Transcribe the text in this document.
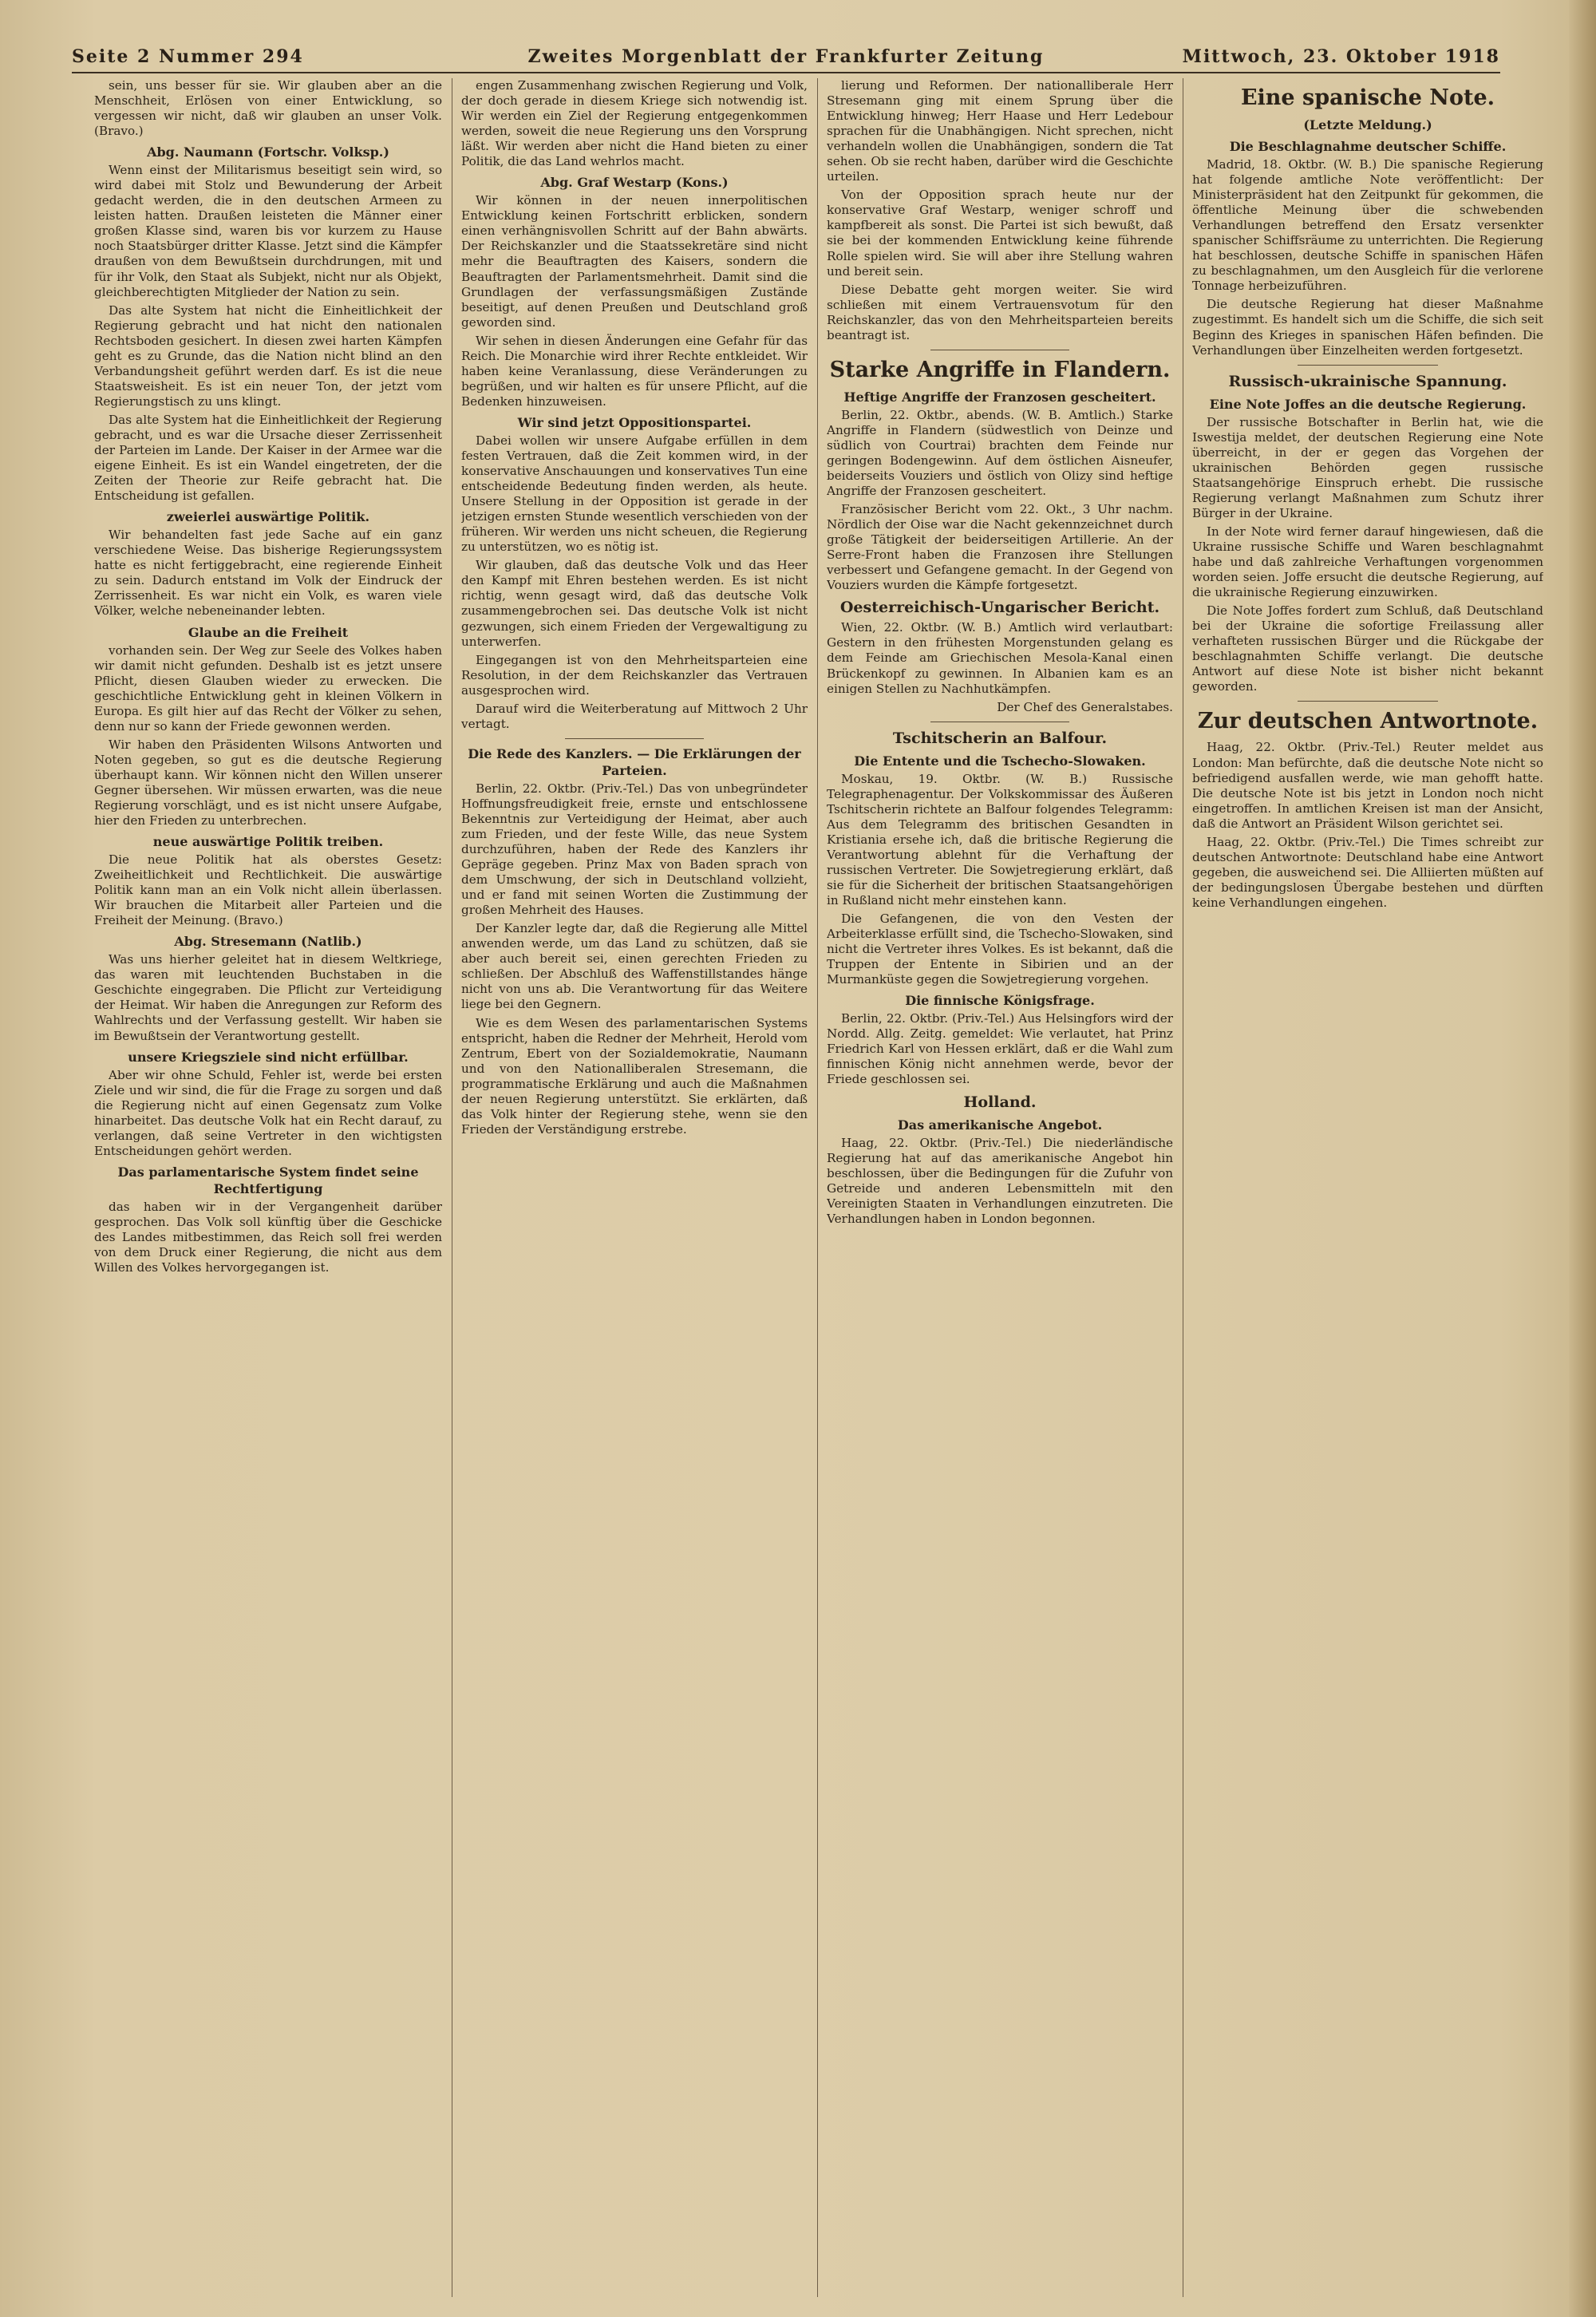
Seite 2 Nummer 294	Zweites Morgenblatt der Frankfurter Zeitung	Mittwoch, 23. Oktober 1918

sein, uns besser für sie. Wir glauben aber an die Menschheit, Erlösen von einer Entwicklung, so vergessen wir nicht, daß wir glauben an unser Volk. (Bravo.)

Abg. Naumann (Fortschr. Volksp.)

Wenn einst der Militarismus beseitigt sein wird, so wird dabei mit Stolz und Bewunderung der Arbeit gedacht werden, die in den deutschen Armeen zu leisten hatten. Draußen leisteten die Männer einer großen Klasse sind, waren bis vor kurzem zu Hause noch Staatsbürger dritter Klasse. Jetzt sind die Kämpfer draußen von dem Bewußtsein durchdrungen, mit und für ihr Volk, den Staat als Subjekt, nicht nur als Objekt, gleichberechtigten Mitglieder der Nation zu sein.

Das alte System hat nicht die Einheitlichkeit der Regierung gebracht und hat nicht den nationalen Rechtsboden gesichert. In diesen zwei harten Kämpfen geht es zu Grunde, das die Nation nicht blind an den Verbandungsheit geführt werden darf. Es ist die neue Staatsweisheit. Es ist ein neuer Ton, der jetzt vom Regierungstisch zu uns klingt.

Das alte System hat die Einheitlichkeit der Regierung gebracht, und es war die Ursache dieser Zerrissenheit der Parteien im Lande. Der Kaiser in der Armee war die eigene Einheit. Es ist ein Wandel eingetreten, der die Zeiten der Theorie zur Reife gebracht hat. Die Entscheidung ist gefallen.

zweierlei auswärtige Politik.

Wir behandelten fast jede Sache auf ein ganz verschiedene Weise. Das bisherige Regierungssystem hatte es nicht fertiggebracht, eine regierende Einheit zu sein. Dadurch entstand im Volk der Eindruck der Zerrissenheit. Es war nicht ein Volk, es waren viele Völker, welche nebeneinander lebten.

Glaube an die Freiheit

vorhanden sein. Der Weg zur Seele des Volkes haben wir damit nicht gefunden. Deshalb ist es jetzt unsere Pflicht, diesen Glauben wieder zu erwecken. Die geschichtliche Entwicklung geht in kleinen Völkern in Europa. Es gilt hier auf das Recht der Völker zu sehen, denn nur so kann der Friede gewonnen werden.

Wir haben den Präsidenten Wilsons Antworten und Noten gegeben, so gut es die deutsche Regierung überhaupt kann. Wir können nicht den Willen unserer Gegner übersehen. Wir müssen erwarten, was die neue Regierung vorschlägt, und es ist nicht unsere Aufgabe, hier den Frieden zu unterbrechen.

neue auswärtige Politik treiben.

Die neue Politik hat als oberstes Gesetz: Zweiheitlichkeit und Rechtlichkeit. Die auswärtige Politik kann man an ein Volk nicht allein überlassen. Wir brauchen die Mitarbeit aller Parteien und die Freiheit der Meinung. (Bravo.)

Abg. Stresemann (Natlib.)

Was uns hierher geleitet hat in diesem Weltkriege, das waren mit leuchtenden Buchstaben in die Geschichte eingegraben. Die Pflicht zur Verteidigung der Heimat. Wir haben die Anregungen zur Reform des Wahlrechts und der Verfassung gestellt. Wir haben sie im Bewußtsein der Verantwortung gestellt.

unsere Kriegsziele sind nicht erfüllbar.

Aber wir ohne Schuld, Fehler ist, werde bei ersten Ziele und wir sind, die für die Frage zu sorgen und daß die Regierung nicht auf einen Gegensatz zum Volke hinarbeitet. Das deutsche Volk hat ein Recht darauf, zu verlangen, daß seine Vertreter in den wichtigsten Entscheidungen gehört werden.

Das parlamentarische System findet seine Rechtfertigung

das haben wir in der Vergangenheit darüber gesprochen. Das Volk soll künftig über die Geschicke des Landes mitbestimmen, das Reich soll frei werden von dem Druck einer Regierung, die nicht aus dem Willen des Volkes hervorgegangen ist.

engen Zusammenhang zwischen Regierung und Volk, der doch gerade in diesem Kriege sich notwendig ist. Wir werden ein Ziel der Regierung entgegenkommen werden, soweit die neue Regierung uns den Vorsprung läßt. Wir werden aber nicht die Hand bieten zu einer Politik, die das Land wehrlos macht.

Abg. Graf Westarp (Kons.)

Wir können in der neuen innerpolitischen Entwicklung keinen Fortschritt erblicken, sondern einen verhängnisvollen Schritt auf der Bahn abwärts. Der Reichskanzler und die Staatssekretäre sind nicht mehr die Beauftragten des Kaisers, sondern die Beauftragten der Parlamentsmehrheit. Damit sind die Grundlagen der verfassungsmäßigen Zustände beseitigt, auf denen Preußen und Deutschland groß geworden sind.

Wir sehen in diesen Änderungen eine Gefahr für das Reich. Die Monarchie wird ihrer Rechte entkleidet. Wir haben keine Veranlassung, diese Veränderungen zu begrüßen, und wir halten es für unsere Pflicht, auf die Bedenken hinzuweisen.

Wir sind jetzt Oppositionspartei.

Dabei wollen wir unsere Aufgabe erfüllen in dem festen Vertrauen, daß die Zeit kommen wird, in der konservative Anschauungen und konservatives Tun eine entscheidende Bedeutung finden werden, als heute. Unsere Stellung in der Opposition ist gerade in der jetzigen ernsten Stunde wesentlich verschieden von der früheren. Wir werden uns nicht scheuen, die Regierung zu unterstützen, wo es nötig ist.

Wir glauben, daß das deutsche Volk und das Heer den Kampf mit Ehren bestehen werden. Es ist nicht richtig, wenn gesagt wird, daß das deutsche Volk zusammengebrochen sei. Das deutsche Volk ist nicht gezwungen, sich einem Frieden der Vergewaltigung zu unterwerfen.

Eingegangen ist von den Mehrheitsparteien eine Resolution, in der dem Reichskanzler das Vertrauen ausgesprochen wird.

Darauf wird die Weiterberatung auf Mittwoch 2 Uhr vertagt.

Die Rede des Kanzlers. — Die Erklärungen der Parteien.

Berlin, 22. Oktbr. (Priv.-Tel.) Das von unbegründeter Hoffnungsfreudigkeit freie, ernste und entschlossene Bekenntnis zur Verteidigung der Heimat, aber auch zum Frieden, und der feste Wille, das neue System durchzuführen, haben der Rede des Kanzlers ihr Gepräge gegeben. Prinz Max von Baden sprach von dem Umschwung, der sich in Deutschland vollzieht, und er fand mit seinen Worten die Zustimmung der großen Mehrheit des Hauses.

Der Kanzler legte dar, daß die Regierung alle Mittel anwenden werde, um das Land zu schützen, daß sie aber auch bereit sei, einen gerechten Frieden zu schließen. Der Abschluß des Waffenstillstandes hänge nicht von uns ab. Die Verantwortung für das Weitere liege bei den Gegnern.

Wie es dem Wesen des parlamentarischen Systems entspricht, haben die Redner der Mehrheit, Herold vom Zentrum, Ebert von der Sozialdemokratie, Naumann und von den Nationalliberalen Stresemann, die programmatische Erklärung und auch die Maßnahmen der neuen Regierung unterstützt. Sie erklärten, daß das Volk hinter der Regierung stehe, wenn sie den Frieden der Verständigung erstrebe.

lierung und Reformen. Der nationalliberale Herr Stresemann ging mit einem Sprung über die Entwicklung hinweg; Herr Haase und Herr Ledebour sprachen für die Unabhängigen. Nicht sprechen, nicht verhandeln wollen die Unabhängigen, sondern die Tat sehen. Ob sie recht haben, darüber wird die Geschichte urteilen.

Von der Opposition sprach heute nur der konservative Graf Westarp, weniger schroff und kampfbereit als sonst. Die Partei ist sich bewußt, daß sie bei der kommenden Entwicklung keine führende Rolle spielen wird. Sie will aber ihre Stellung wahren und bereit sein.

Diese Debatte geht morgen weiter. Sie wird schließen mit einem Vertrauensvotum für den Reichskanzler, das von den Mehrheitsparteien bereits beantragt ist.

Starke Angriffe in Flandern.
Heftige Angriffe der Franzosen gescheitert.

Berlin, 22. Oktbr., abends. (W. B. Amtlich.) Starke Angriffe in Flandern (südwestlich von Deinze und südlich von Courtrai) brachten dem Feinde nur geringen Bodengewinn. Auf dem östlichen Aisneufer, beiderseits Vouziers und östlich von Olizy sind heftige Angriffe der Franzosen gescheitert.

Französischer Bericht vom 22. Okt., 3 Uhr nachm. Nördlich der Oise war die Nacht gekennzeichnet durch große Tätigkeit der beiderseitigen Artillerie. An der Serre-Front haben die Franzosen ihre Stellungen verbessert und Gefangene gemacht. In der Gegend von Vouziers wurden die Kämpfe fortgesetzt.

Oesterreichisch-Ungarischer Bericht.

Wien, 22. Oktbr. (W. B.) Amtlich wird verlautbart: Gestern in den frühesten Morgenstunden gelang es dem Feinde am Griechischen Mesola-Kanal einen Brückenkopf zu gewinnen. In Albanien kam es an einigen Stellen zu Nachhutkämpfen.

Der Chef des Generalstabes.

Tschitscherin an Balfour.
Die Entente und die Tschecho-Slowaken.

Moskau, 19. Oktbr. (W. B.) Russische Telegraphenagentur. Der Volkskommissar des Äußeren Tschitscherin richtete an Balfour folgendes Telegramm: Aus dem Telegramm des britischen Gesandten in Kristiania ersehe ich, daß die britische Regierung die Verantwortung ablehnt für die Verhaftung der russischen Vertreter. Die Sowjetregierung erklärt, daß sie für die Sicherheit der britischen Staatsangehörigen in Rußland nicht mehr einstehen kann.

Die Gefangenen, die von den Vesten der Arbeiterklasse erfüllt sind, die Tschecho-Slowaken, sind nicht die Vertreter ihres Volkes. Es ist bekannt, daß die Truppen der Entente in Sibirien und an der Murmanküste gegen die Sowjetregierung vorgehen.

Die finnische Königsfrage.

Berlin, 22. Oktbr. (Priv.-Tel.) Aus Helsingfors wird der Nordd. Allg. Zeitg. gemeldet: Wie verlautet, hat Prinz Friedrich Karl von Hessen erklärt, daß er die Wahl zum finnischen König nicht annehmen werde, bevor der Friede geschlossen sei.

Holland.
Das amerikanische Angebot.

Haag, 22. Oktbr. (Priv.-Tel.) Die niederländische Regierung hat auf das amerikanische Angebot hin beschlossen, über die Bedingungen für die Zufuhr von Getreide und anderen Lebensmitteln mit den Vereinigten Staaten in Verhandlungen einzutreten. Die Verhandlungen haben in London begonnen.

Eine spanische Note.
(Letzte Meldung.)
Die Beschlagnahme deutscher Schiffe.

Madrid, 18. Oktbr. (W. B.) Die spanische Regierung hat folgende amtliche Note veröffentlicht: Der Ministerpräsident hat den Zeitpunkt für gekommen, die öffentliche Meinung über die schwebenden Verhandlungen betreffend den Ersatz versenkter spanischer Schiffsräume zu unterrichten. Die Regierung hat beschlossen, deutsche Schiffe in spanischen Häfen zu beschlagnahmen, um den Ausgleich für die verlorene Tonnage herbeizuführen.

Die deutsche Regierung hat dieser Maßnahme zugestimmt. Es handelt sich um die Schiffe, die sich seit Beginn des Krieges in spanischen Häfen befinden. Die Verhandlungen über Einzelheiten werden fortgesetzt.

Russisch-ukrainische Spannung.
Eine Note Joffes an die deutsche Regierung.

Der russische Botschafter in Berlin hat, wie die Iswestija meldet, der deutschen Regierung eine Note überreicht, in der er gegen das Vorgehen der ukrainischen Behörden gegen russische Staatsangehörige Einspruch erhebt. Die russische Regierung verlangt Maßnahmen zum Schutz ihrer Bürger in der Ukraine.

In der Note wird ferner darauf hingewiesen, daß die Ukraine russische Schiffe und Waren beschlagnahmt habe und daß zahlreiche Verhaftungen vorgenommen worden seien. Joffe ersucht die deutsche Regierung, auf die ukrainische Regierung einzuwirken.

Die Note Joffes fordert zum Schluß, daß Deutschland bei der Ukraine die sofortige Freilassung aller verhafteten russischen Bürger und die Rückgabe der beschlagnahmten Schiffe verlangt. Die deutsche Antwort auf diese Note ist bisher nicht bekannt geworden.

Zur deutschen Antwortnote.

Haag, 22. Oktbr. (Priv.-Tel.) Reuter meldet aus London: Man befürchte, daß die deutsche Note nicht so befriedigend ausfallen werde, wie man gehofft hatte. Die deutsche Note ist bis jetzt in London noch nicht eingetroffen. In amtlichen Kreisen ist man der Ansicht, daß die Antwort an Präsident Wilson gerichtet sei.

Haag, 22. Oktbr. (Priv.-Tel.) Die Times schreibt zur deutschen Antwortnote: Deutschland habe eine Antwort gegeben, die ausweichend sei. Die Alliierten müßten auf der bedingungslosen Übergabe bestehen und dürften keine Verhandlungen eingehen.
